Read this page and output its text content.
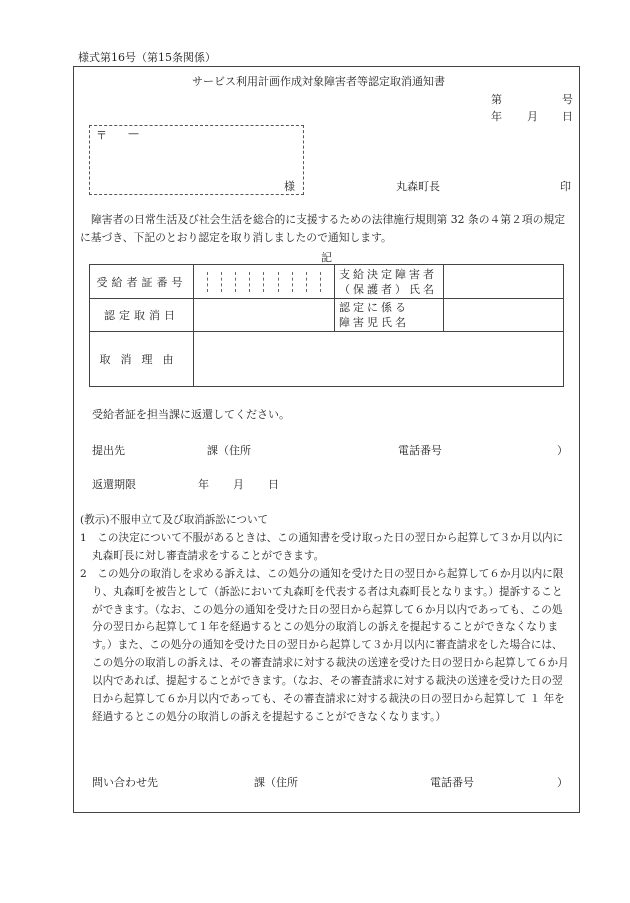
様式第16号（第15条関係）
サービス利用計画作成対象障害者等認定取消通知書
第	号
年 月 日
〒 —
様	丸森町長	印
障害者の日常生活及び社会生活を総合的に支援するための法律施行規則第 32 条の４第２項の規定に基づき、下記のとおり認定を取り消しましたので通知します。
記
受給者証番号		支給決定障害者
（保護者）氏名	

認定取消日		認定に係る
障害児氏名	

取消理由			
受給者証を担当課に返還してください。
提出先	課（住所	電話番号	）
返還期限	年 月 日

(教示)不服申立て及び取消訴訟について

1　この決定について不服があるときは、この通知書を受け取った日の翌日から起算して３か月以内に丸森町長に対し審査請求をすることができます。

2　この処分の取消しを求める訴えは、この処分の通知を受けた日の翌日から起算して６か月以内に限り、丸森町を被告として（訴訟において丸森町を代表する者は丸森町長となります。）提訴することができます。（なお、この処分の通知を受けた日の翌日から起算して６か月以内であっても、この処分の翌日から起算して１年を経過するとこの処分の取消しの訴えを提起することができなくなります。）また、この処分の通知を受けた日の翌日から起算して３か月以内に審査請求をした場合には、この処分の取消しの訴えは、その審査請求に対する裁決の送達を受けた日の翌日から起算して６か月以内であれば、提起することができます。（なお、その審査請求に対する裁決の送達を受けた日の翌日から起算して６か月以内であっても、その審査請求に対する裁決の日の翌日から起算して １ 年を経過するとこの処分の取消しの訴えを提起することができなくなります。）

問い合わせ先	課（住所	電話番号	）
